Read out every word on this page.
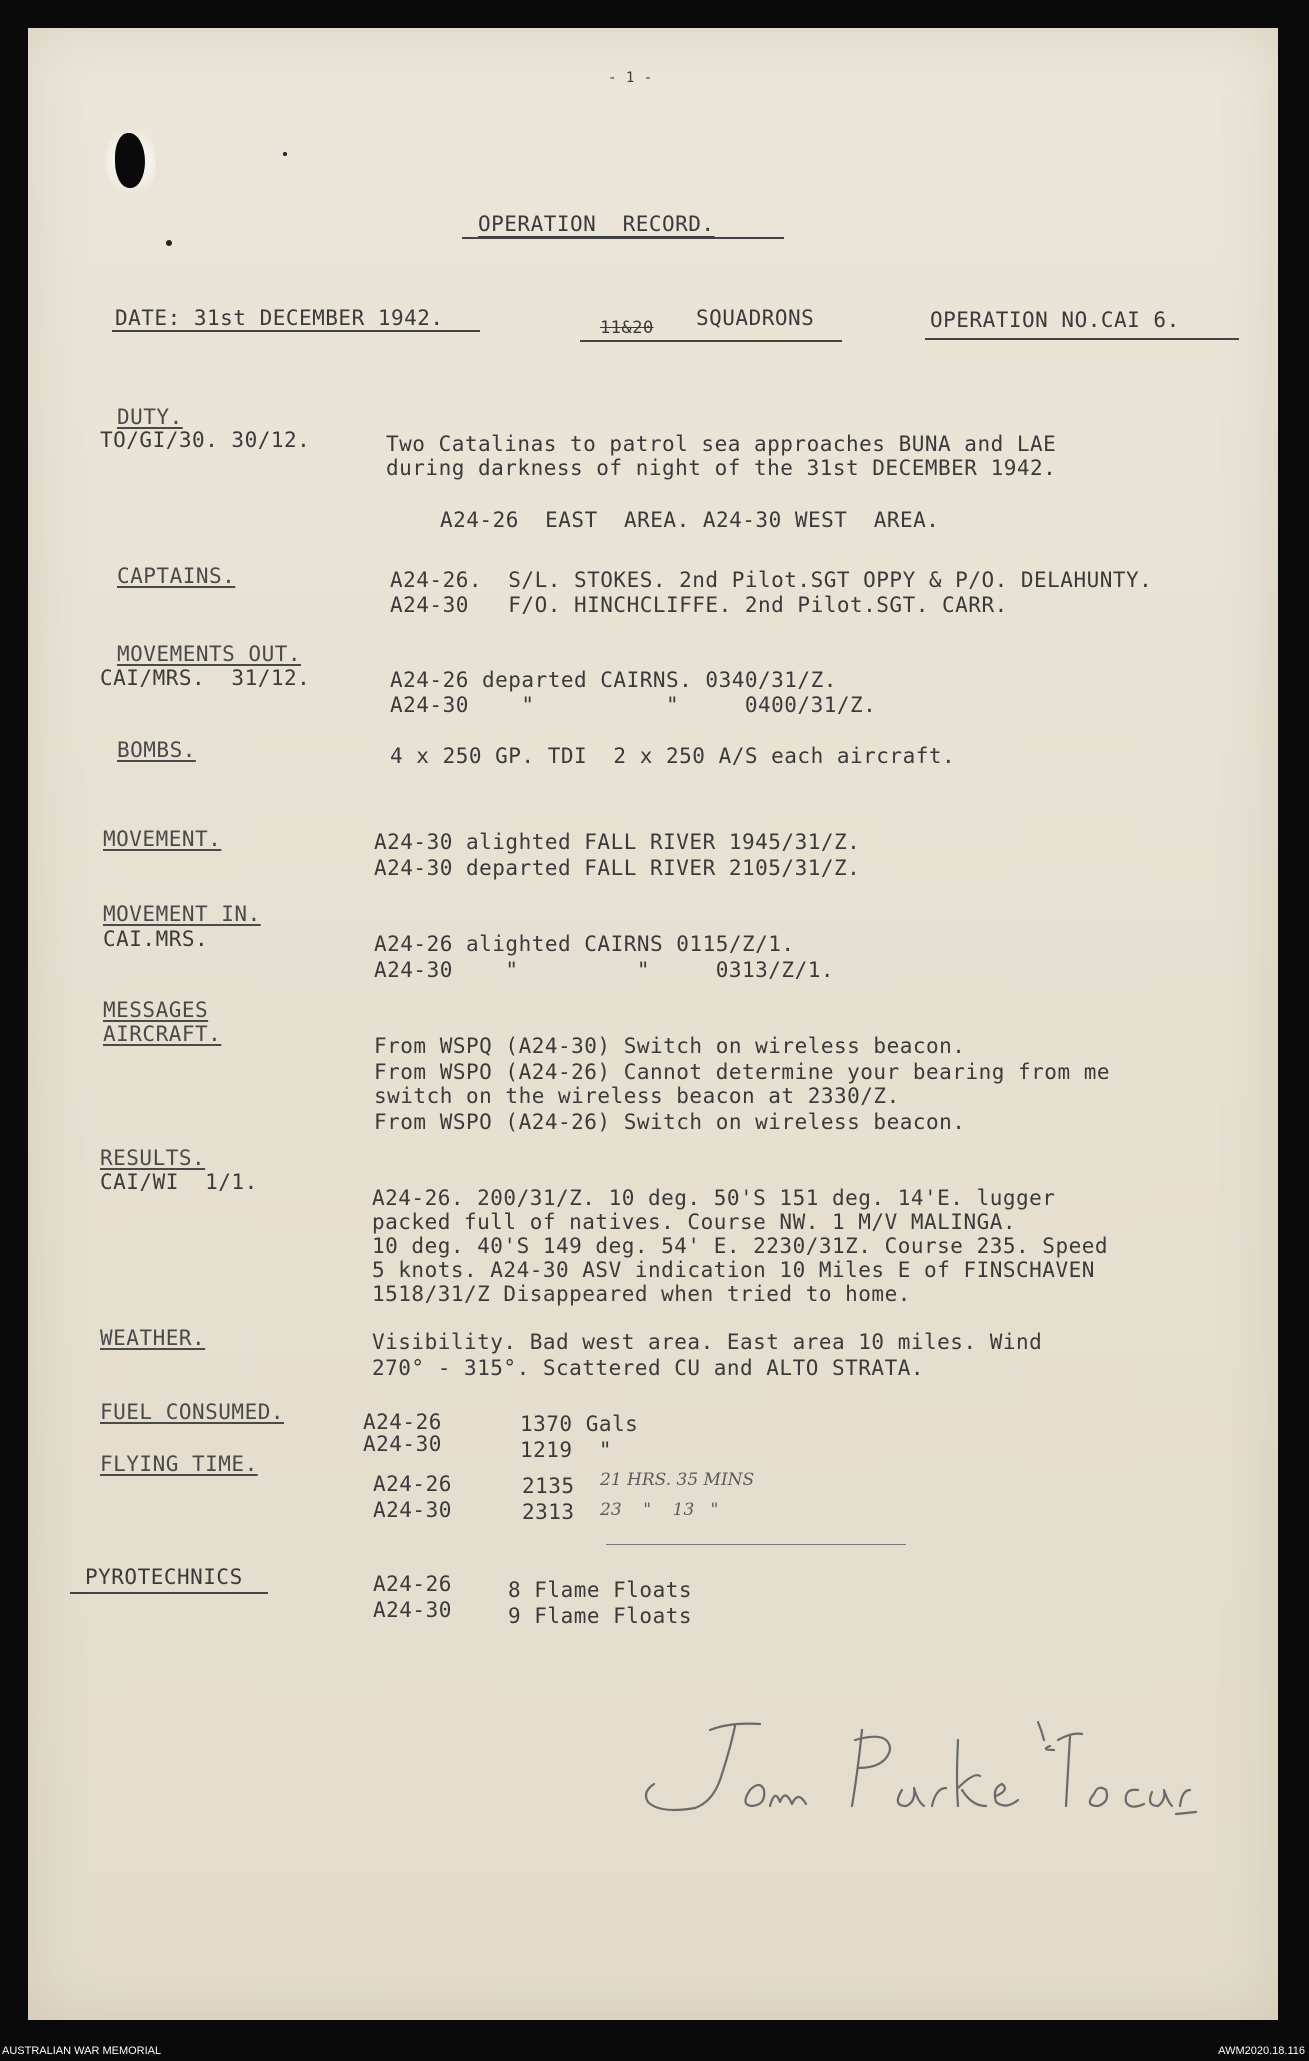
- 1 -
OPERATION  RECORD.
DATE: 31st DECEMBER 1942.	11&20 SQUADRONS	OPERATION NO.CAI 6.
DUTY.
TO/GI/30. 30/12.	Two Catalinas to patrol sea approaches BUNA and LAE
during darkness of night of the 31st DECEMBER 1942.
A24-26  EAST  AREA. A24-30 WEST  AREA.
CAPTAINS.	A24-26.  S/L. STOKES. 2nd Pilot.SGT OPPY & P/O. DELAHUNTY.
A24-30   F/O. HINCHCLIFFE. 2nd Pilot.SGT. CARR.
MOVEMENTS OUT.
CAI/MRS.  31/12.	A24-26 departed CAIRNS. 0340/31/Z.
A24-30    "          "     0400/31/Z.
BOMBS.	4 x 250 GP. TDI  2 x 250 A/S each aircraft.
MOVEMENT.	A24-30 alighted FALL RIVER 1945/31/Z.
A24-30 departed FALL RIVER 2105/31/Z.
MOVEMENT IN.
CAI.MRS.	A24-26 alighted CAIRNS 0115/Z/1.
A24-30    "         "     0313/Z/1.
MESSAGES
AIRCRAFT.	From WSPQ (A24-30) Switch on wireless beacon.
From WSPO (A24-26) Cannot determine your bearing from me
switch on the wireless beacon at 2330/Z.
From WSPO (A24-26) Switch on wireless beacon.
RESULTS.
CAI/WI  1/1.
A24-26. 200/31/Z. 10 deg. 50'S 151 deg. 14'E. lugger
packed full of natives. Course NW. 1 M/V MALINGA.
10 deg. 40'S 149 deg. 54' E. 2230/31Z. Course 235. Speed
5 knots. A24-30 ASV indication 10 Miles E of FINSCHAVEN
1518/31/Z Disappeared when tried to home.
WEATHER.	Visibility. Bad west area. East area 10 miles. Wind
270° - 315°. Scattered CU and ALTO STRATA.
FUEL CONSUMED.	A24-26	1370 Gals
A24-30	1219  "
FLYING TIME.
A24-26	2135 21 HRS. 35 MINS
A24-30	2313 23    "    13   "
PYROTECHNICS	A24-26	8 Flame Floats
A24-30	9 Flame Floats
AUSTRALIAN WAR MEMORIAL	AWM2020.18.116
